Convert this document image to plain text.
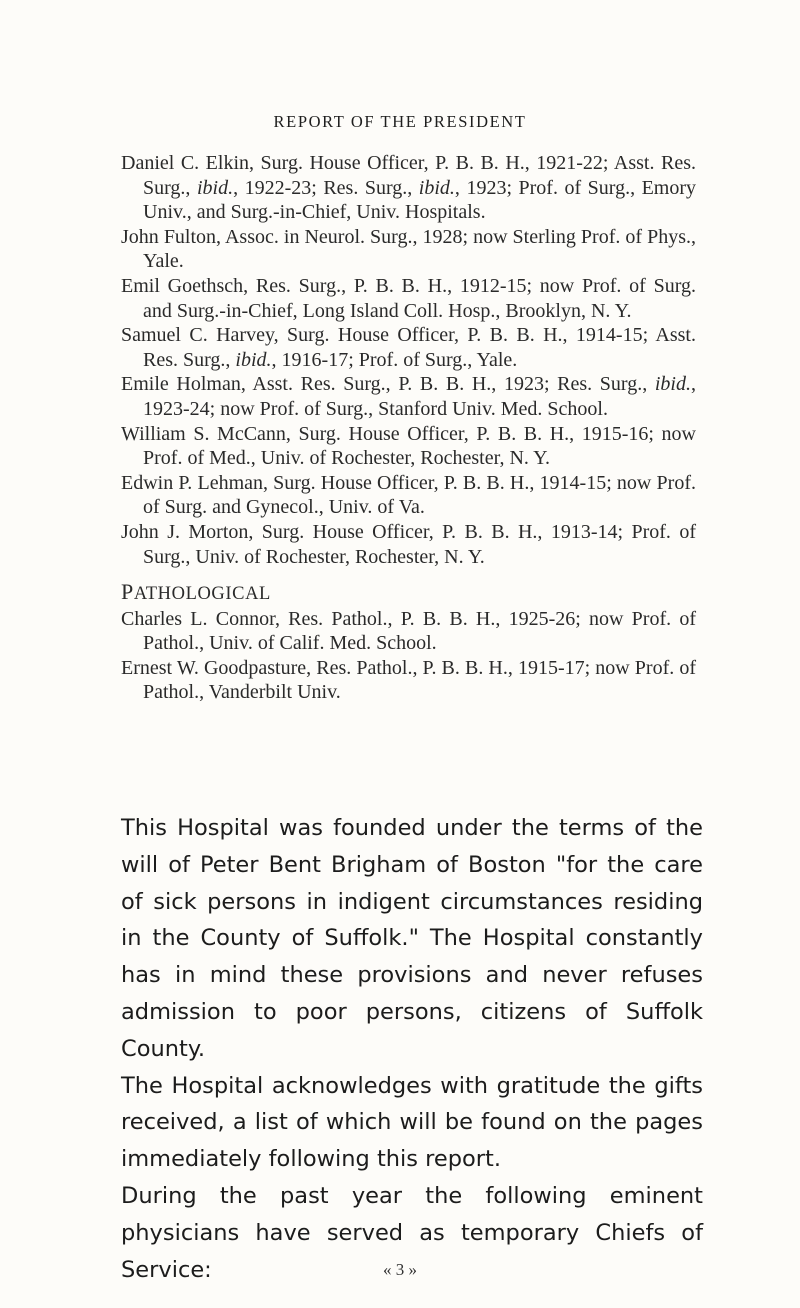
REPORT OF THE PRESIDENT
Daniel C. Elkin, Surg. House Officer, P. B. B. H., 1921-22; Asst. Res. Surg., ibid., 1922-23; Res. Surg., ibid., 1923; Prof. of Surg., Emory Univ., and Surg.-in-Chief, Univ. Hospitals.
John Fulton, Assoc. in Neurol. Surg., 1928; now Sterling Prof. of Phys., Yale.
Emil Goethsch, Res. Surg., P. B. B. H., 1912-15; now Prof. of Surg. and Surg.-in-Chief, Long Island Coll. Hosp., Brooklyn, N. Y.
Samuel C. Harvey, Surg. House Officer, P. B. B. H., 1914-15; Asst. Res. Surg., ibid., 1916-17; Prof. of Surg., Yale.
Emile Holman, Asst. Res. Surg., P. B. B. H., 1923; Res. Surg., ibid., 1923-24; now Prof. of Surg., Stanford Univ. Med. School.
William S. McCann, Surg. House Officer, P. B. B. H., 1915-16; now Prof. of Med., Univ. of Rochester, Rochester, N. Y.
Edwin P. Lehman, Surg. House Officer, P. B. B. H., 1914-15; now Prof. of Surg. and Gynecol., Univ. of Va.
John J. Morton, Surg. House Officer, P. B. B. H., 1913-14; Prof. of Surg., Univ. of Rochester, Rochester, N. Y.
PATHOLOGICAL
Charles L. Connor, Res. Pathol., P. B. B. H., 1925-26; now Prof. of Pathol., Univ. of Calif. Med. School.
Ernest W. Goodpasture, Res. Pathol., P. B. B. H., 1915-17; now Prof. of Pathol., Vanderbilt Univ.

This Hospital was founded under the terms of the will of Peter Bent Brigham of Boston "for the care of sick persons in indigent circumstances residing in the County of Suffolk." The Hospital constantly has in mind these provisions and never refuses admission to poor persons, citizens of Suffolk County.

The Hospital acknowledges with gratitude the gifts received, a list of which will be found on the pages immediately following this report.

During the past year the following eminent physicians have served as temporary Chiefs of Service:	« 3 »
